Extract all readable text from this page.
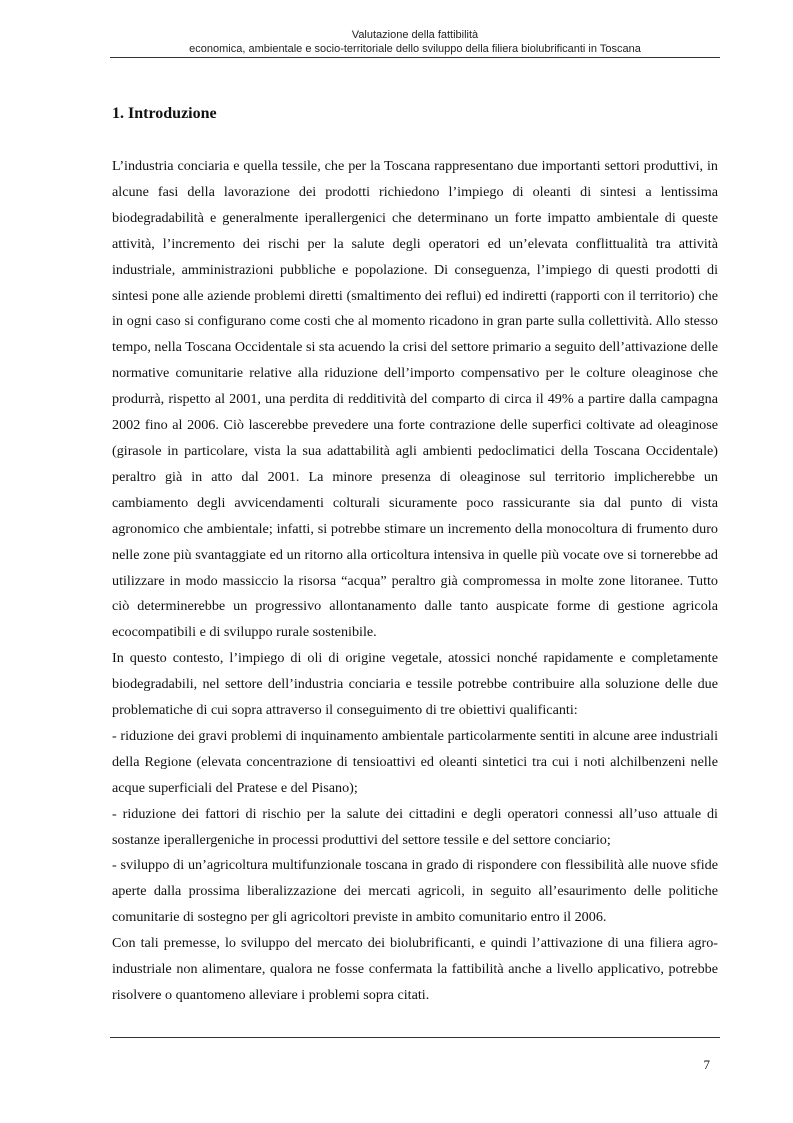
Valutazione della fattibilità
economica, ambientale e socio-territoriale dello sviluppo della filiera biolubrificanti in Toscana
1. Introduzione

L’industria conciaria e quella tessile, che per la Toscana rappresentano due importanti settori produttivi, in alcune fasi della lavorazione dei prodotti richiedono l’impiego di oleanti di sintesi a lentissima biodegradabilità e generalmente iperallergenici che determinano un forte impatto ambientale di queste attività, l’incremento dei rischi per la salute degli operatori ed un’elevata conflittualità tra attività industriale, amministrazioni pubbliche e popolazione. Di conseguenza, l’impiego di questi prodotti di sintesi pone alle aziende problemi diretti (smaltimento dei reflui) ed indiretti (rapporti con il territorio) che in ogni caso si configurano come costi che al momento ricadono in gran parte sulla collettività. Allo stesso tempo, nella Toscana Occidentale si sta acuendo la crisi del settore primario a seguito dell’attivazione delle normative comunitarie relative alla riduzione dell’importo compensativo per le colture oleaginose che produrrà, rispetto al 2001, una perdita di redditività del comparto di circa il 49% a partire dalla campagna 2002 fino al 2006. Ciò lascerebbe prevedere una forte contrazione delle superfici coltivate ad oleaginose (girasole in particolare, vista la sua adattabilità agli ambienti pedoclimatici della Toscana Occidentale) peraltro già in atto dal 2001. La minore presenza di oleaginose sul territorio implicherebbe un cambiamento degli avvicendamenti colturali sicuramente poco rassicurante sia dal punto di vista agronomico che ambientale; infatti, si potrebbe stimare un incremento della monocoltura di frumento duro nelle zone più svantaggiate ed un ritorno alla orticoltura intensiva in quelle più vocate ove si tornerebbe ad utilizzare in modo massiccio la risorsa “acqua” peraltro già compromessa in molte zone litoranee. Tutto ciò determinerebbe un progressivo allontanamento dalle tanto auspicate forme di gestione agricola ecocompatibili e di sviluppo rurale sostenibile.

In questo contesto, l’impiego di oli di origine vegetale, atossici nonché rapidamente e completamente biodegradabili, nel settore dell’industria conciaria e tessile potrebbe contribuire alla soluzione delle due problematiche di cui sopra attraverso il conseguimento di tre obiettivi qualificanti:

- riduzione dei gravi problemi di inquinamento ambientale particolarmente sentiti in alcune aree industriali della Regione (elevata concentrazione di tensioattivi ed oleanti sintetici tra cui i noti alchilbenzeni nelle acque superficiali del Pratese e del Pisano);

- riduzione dei fattori di rischio per la salute dei cittadini e degli operatori connessi all’uso attuale di sostanze iperallergeniche in processi produttivi del settore tessile e del settore conciario;

- sviluppo di un’agricoltura multifunzionale toscana in grado di rispondere con flessibilità alle nuove sfide aperte dalla prossima liberalizzazione dei mercati agricoli, in seguito all’esaurimento delle politiche comunitarie di sostegno per gli agricoltori previste in ambito comunitario entro il 2006.

Con tali premesse, lo sviluppo del mercato dei biolubrificanti, e quindi l’attivazione di una filiera agro-industriale non alimentare, qualora ne fosse confermata la fattibilità anche a livello applicativo, potrebbe risolvere o quantomeno alleviare i problemi sopra citati.

7
